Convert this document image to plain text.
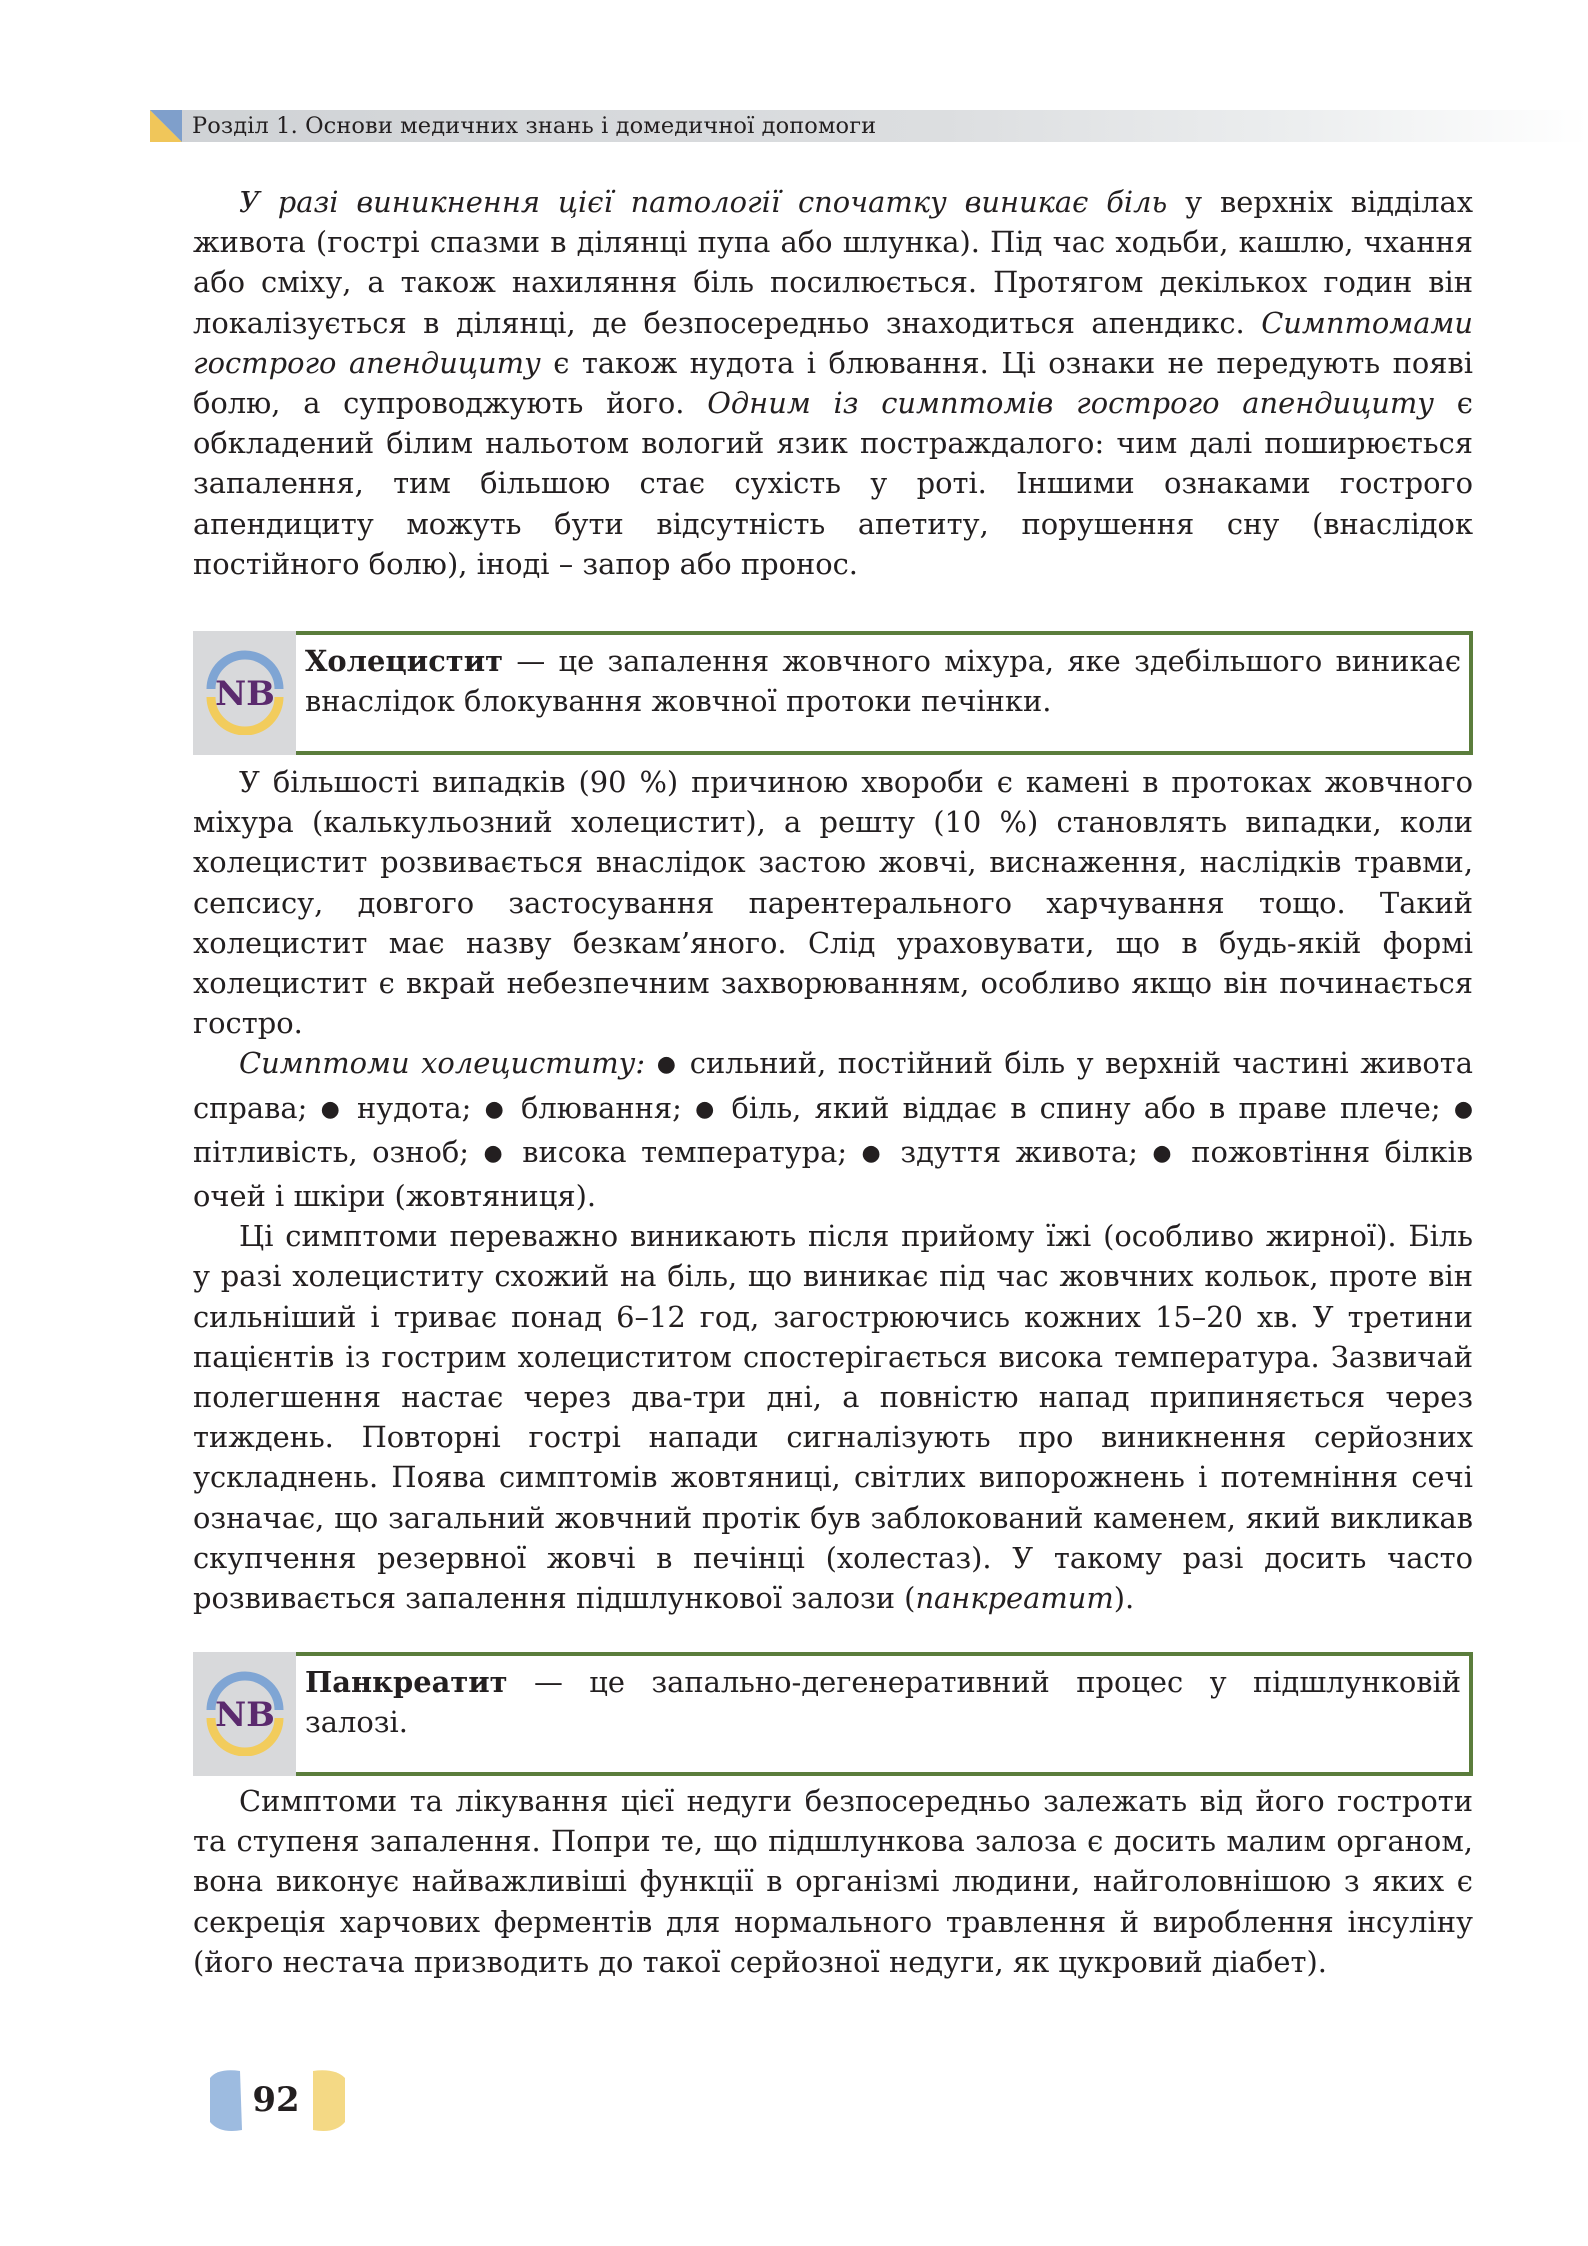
Розділ 1. Основи медичних знань і домедичної допомоги

У разі виникнення цієї патології спочатку виникає біль у верхніх відділах живота (гострі спазми в ділянці пупа або шлунка). Під час ходьби, кашлю, чхання або сміху, а також нахиляння біль посилюється. Протягом декількох годин він локалізується в ділянці, де безпосередньо знаходиться апендикс. Симптомами гострого апендициту є також нудота і блювання. Ці ознаки не передують появі болю, а супроводжують його. Одним із симптомів гострого апендициту є обкладений білим нальотом вологий язик постраждалого: чим далі поширюється запалення, тим більшою стає сухість у роті. Іншими ознаками гострого апендициту можуть бути відсутність апетиту, порушення сну (внаслідок постійного болю), іноді – запор або пронос.

NB
Холецистит — це запалення жовчного міхура, яке здебільшого виникає внаслідок блокування жовчної протоки печінки.

У більшості випадків (90 %) причиною хвороби є камені в протоках жовчного міхура (калькульозний холецистит), а решту (10 %) становлять випадки, коли холецистит розвивається внаслідок застою жовчі, виснаження, наслідків травми, сепсису, довгого застосування парентерального харчування тощо. Такий холецистит має назву безкам’яного. Слід ураховувати, що в будь-якій формі холецистит є вкрай небезпечним захворюванням, особливо якщо він починається гостро.

Симптоми холециститу: ● сильний, постійний біль у верхній частині живота справа; ● нудота; ● блювання; ● біль, який віддає в спину або в праве плече; ● пітливість, озноб; ● висока температура; ● здуття живота; ● пожовтіння білків очей і шкіри (жовтяниця).

Ці симптоми переважно виникають після прийому їжі (особливо жирної). Біль у разі холециститу схожий на біль, що виникає під час жовчних кольок, проте він сильніший і триває понад 6–12 год, загострюючись кожних 15–20 хв. У третини пацієнтів із гострим холециститом спостерігається висока температура. Зазвичай полегшення настає через два-три дні, а повністю напад припиняється через тиждень. Повторні гострі напади сигналізують про виникнення серйозних ускладнень. Поява симптомів жовтяниці, світлих випорожнень і потемніння сечі означає, що загальний жовчний протік був заблокований каменем, який викликав скупчення резервної жовчі в печінці (холестаз). У такому разі досить часто розвивається запалення підшлункової залози (панкреатит).

NB
Панкреатит — це запально-дегенеративний процес у підшлунковій залозі.

Симптоми та лікування цієї недуги безпосередньо залежать від його гостроти та ступеня запалення. Попри те, що підшлункова залоза є досить малим органом, вона виконує найважливіші функції в організмі людини, найголовнішою з яких є секреція харчових ферментів для нормального травлення й вироблення інсуліну (його нестача призводить до такої серйозної недуги, як цукровий діабет).

92
